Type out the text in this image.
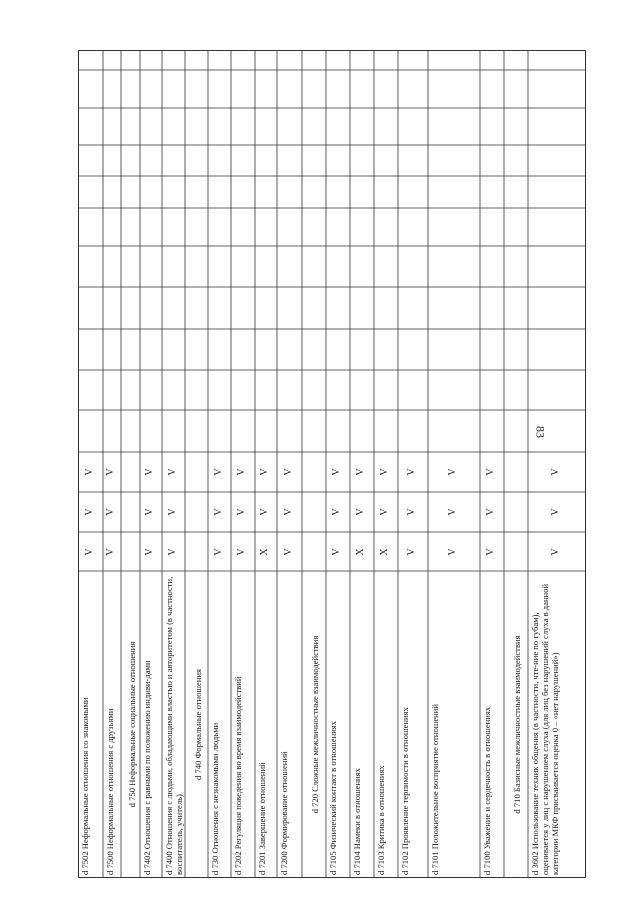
83
d 3602 Использование техник общения (в частности, чте-ние по губам), оценивается у лиц с нарушением слуха (для лиц без нарушений слуха в данной категории МКФ присваивается оценка 0 – «нет нарушений»)
V
V
V
d 710 Базисные межличностные взаимодействия
d 7100 Уважение и сердечность в отношениях
V
V
V
d 7101 Положительное восприятие отношений
V
V
V
d 7102 Проявление терпимости в отношениях
V
V
V
d 7103 Критика в отношениях
X
V
V
d 7104 Намеки в отношениях
X
V
V
d 7105 Физический контакт в отношениях
V
V
V
d 720 Сложные межличностные взаимодействия
d 7200 Формирование отношений
V
V
V
d 7201 Завершение отношений
X
V
V
d 7202 Регуляция поведения во время взаимодействий
V
V
V
d 730 Отношения с незнакомыми людьми
V
V
V
d 740 Формальные отношения
d 7400 Отношения с людьми, обладающими властью и авторитетом (в частности, воспитатель, учитель)
V
V
V
d 7402 Отношения с равными по положению индиви-дами
V
V
V
d 750 Неформальные социальные отношения
d 7500 Неформальные отношения с друзьями
V
V
V
d 7502 Неформальные отношения со знакомыми
V
V
V
